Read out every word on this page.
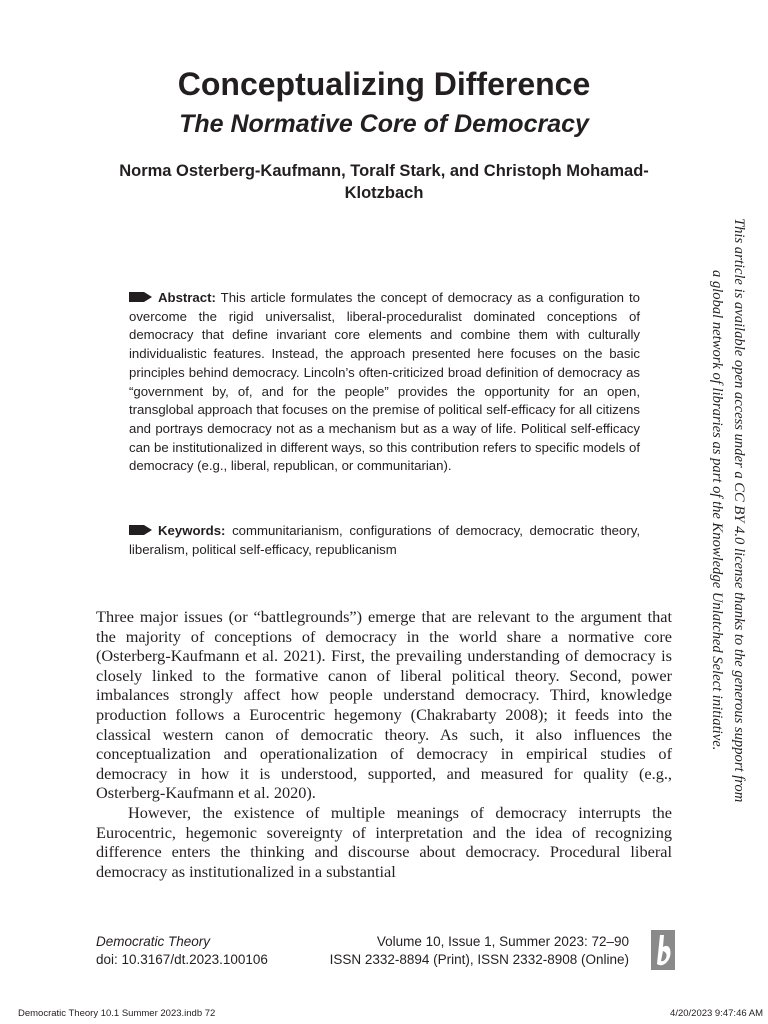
Conceptualizing Difference
The Normative Core of Democracy
Norma Osterberg-Kaufmann, Toralf Stark, and Christoph Mohamad-Klotzbach
Abstract: This article formulates the concept of democracy as a configuration to overcome the rigid universalist, liberal-proceduralist dominated conceptions of democracy that define invariant core elements and combine them with culturally individualistic features. Instead, the approach presented here focuses on the basic principles behind democracy. Lincoln’s often-criticized broad definition of democracy as “government by, of, and for the people” provides the opportunity for an open, transglobal approach that focuses on the premise of political self-efficacy for all citizens and portrays democracy not as a mechanism but as a way of life. Political self-efficacy can be institutionalized in different ways, so this contribution refers to specific models of democracy (e.g., liberal, republican, or communitarian).
Keywords: communitarianism, configurations of democracy, democratic theory, liberalism, political self-efficacy, republicanism

Three major issues (or “battlegrounds”) emerge that are relevant to the argument that the majority of conceptions of democracy in the world share a normative core (Osterberg-Kaufmann et al. 2021). First, the prevailing understanding of democracy is closely linked to the formative canon of liberal political theory. Second, power imbalances strongly affect how people understand democracy. Third, knowledge production follows a Eurocentric hegemony (Chakrabarty 2008); it feeds into the classical western canon of democratic theory. As such, it also influences the conceptualization and operationalization of democracy in empirical studies of democracy in how it is understood, supported, and measured for quality (e.g., Osterberg-Kaufmann et al. 2020).

However, the existence of multiple meanings of democracy interrupts the Eurocentric, hegemonic sovereignty of interpretation and the idea of recognizing difference enters the thinking and discourse about democracy. Procedural liberal democracy as institutionalized in a substantial

This article is available open access under a CC BY 4.0 license thanks to the generous support from a global network of libraries as part of the Knowledge Unlatched Select initiative.
Democratic Theory
doi: 10.3167/dt.2023.100106
Volume 10, Issue 1, Summer 2023: 72–90
ISSN 2332-8894 (Print), ISSN 2332-8908 (Online)
Democratic Theory 10.1 Summer 2023.indb 72	4/20/2023 9:47:46 AM
